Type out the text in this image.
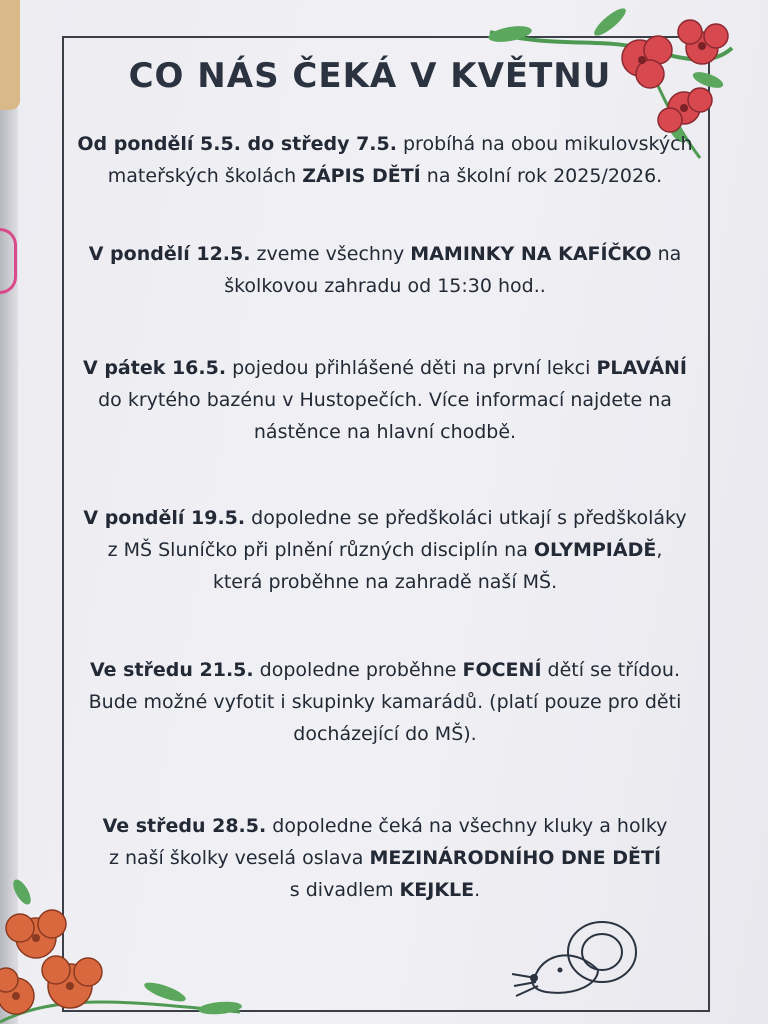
CO NÁS ČEKÁ V KVĚTNU

Od pondělí 5.5. do středy 7.5. probíhá na obou mikulovských
mateřských školách ZÁPIS DĚTÍ na školní rok 2025/2026.

V pondělí 12.5. zveme všechny MAMINKY NA KAFÍČKO na
školkovou zahradu od 15:30 hod..

V pátek 16.5. pojedou přihlášené děti na první lekci PLAVÁNÍ
do krytého bazénu v Hustopečích. Více informací najdete na
nástěnce na hlavní chodbě.

V pondělí 19.5. dopoledne se předškoláci utkají s předškoláky
z MŠ Sluníčko při plnění různých disciplín na OLYMPIÁDĚ,
která proběhne na zahradě naší MŠ.

Ve středu 21.5. dopoledne proběhne FOCENÍ dětí se třídou.
Bude možné vyfotit i skupinky kamarádů. (platí pouze pro děti
docházející do MŠ).

Ve středu 28.5. dopoledne čeká na všechny kluky a holky
z naší školky veselá oslava MEZINÁRODNÍHO DNE DĚTÍ
s divadlem KEJKLE.
